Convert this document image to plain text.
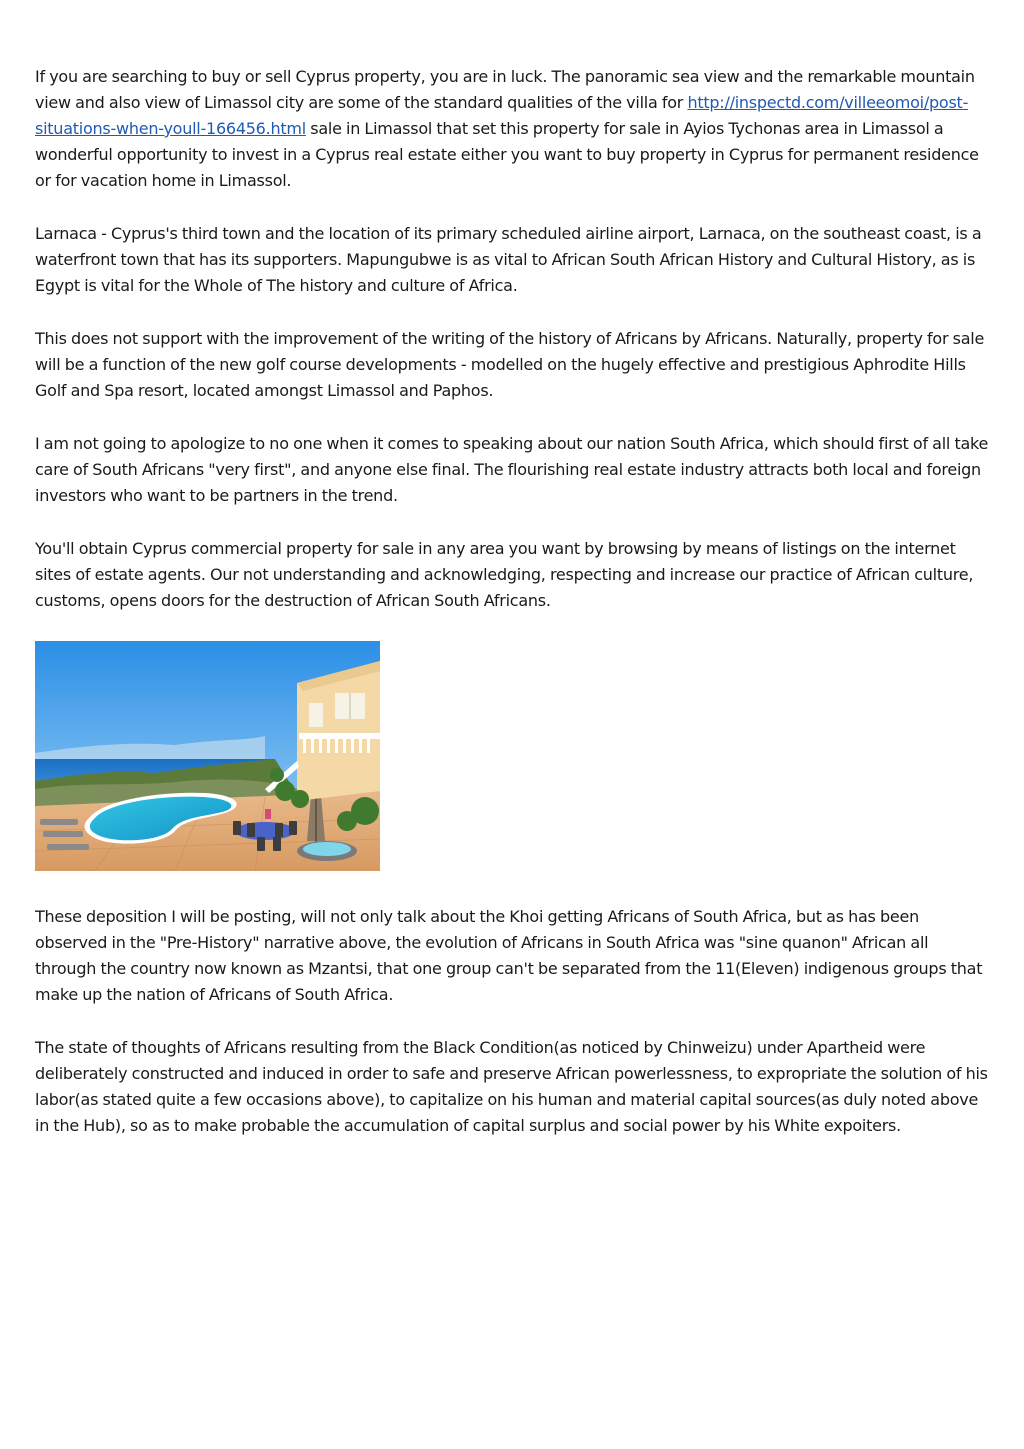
If you are searching to buy or sell Cyprus property, you are in luck. The panoramic sea view and the remarkable mountain view and also view of Limassol city are some of the standard qualities of the villa for http://inspectd.com/villeeomoi/post-situations-when-youll-166456.html sale in Limassol that set this property for sale in Ayios Tychonas area in Limassol a wonderful opportunity to invest in a Cyprus real estate either you want to buy property in Cyprus for permanent residence or for vacation home in Limassol.

Larnaca - Cyprus's third town and the location of its primary scheduled airline airport, Larnaca, on the southeast coast, is a waterfront town that has its supporters. Mapungubwe is as vital to African South African History and Cultural History, as is Egypt is vital for the Whole of The history and culture of Africa.

This does not support with the improvement of the writing of the history of Africans by Africans. Naturally, property for sale will be a function of the new golf course developments - modelled on the hugely effective and prestigious Aphrodite Hills Golf and Spa resort, located amongst Limassol and Paphos.

I am not going to apologize to no one when it comes to speaking about our nation South Africa, which should first of all take care of South Africans "very first", and anyone else final. The flourishing real estate industry attracts both local and foreign investors who want to be partners in the trend.

You'll obtain Cyprus commercial property for sale in any area you want by browsing by means of listings on the internet sites of estate agents. Our not understanding and acknowledging, respecting and increase our practice of African culture, customs, opens doors for the destruction of African South Africans.

These deposition I will be posting, will not only talk about the Khoi getting Africans of South Africa, but as has been observed in the "Pre-History" narrative above, the evolution of Africans in South Africa was "sine quanon" African all through the country now known as Mzantsi, that one group can't be separated from the 11(Eleven) indigenous groups that make up the nation of Africans of South Africa.

The state of thoughts of Africans resulting from the Black Condition(as noticed by Chinweizu) under Apartheid were deliberately constructed and induced in order to safe and preserve African powerlessness, to expropriate the solution of his labor(as stated quite a few occasions above), to capitalize on his human and material capital sources(as duly noted above in the Hub), so as to make probable the accumulation of capital surplus and social power by his White expoiters.
